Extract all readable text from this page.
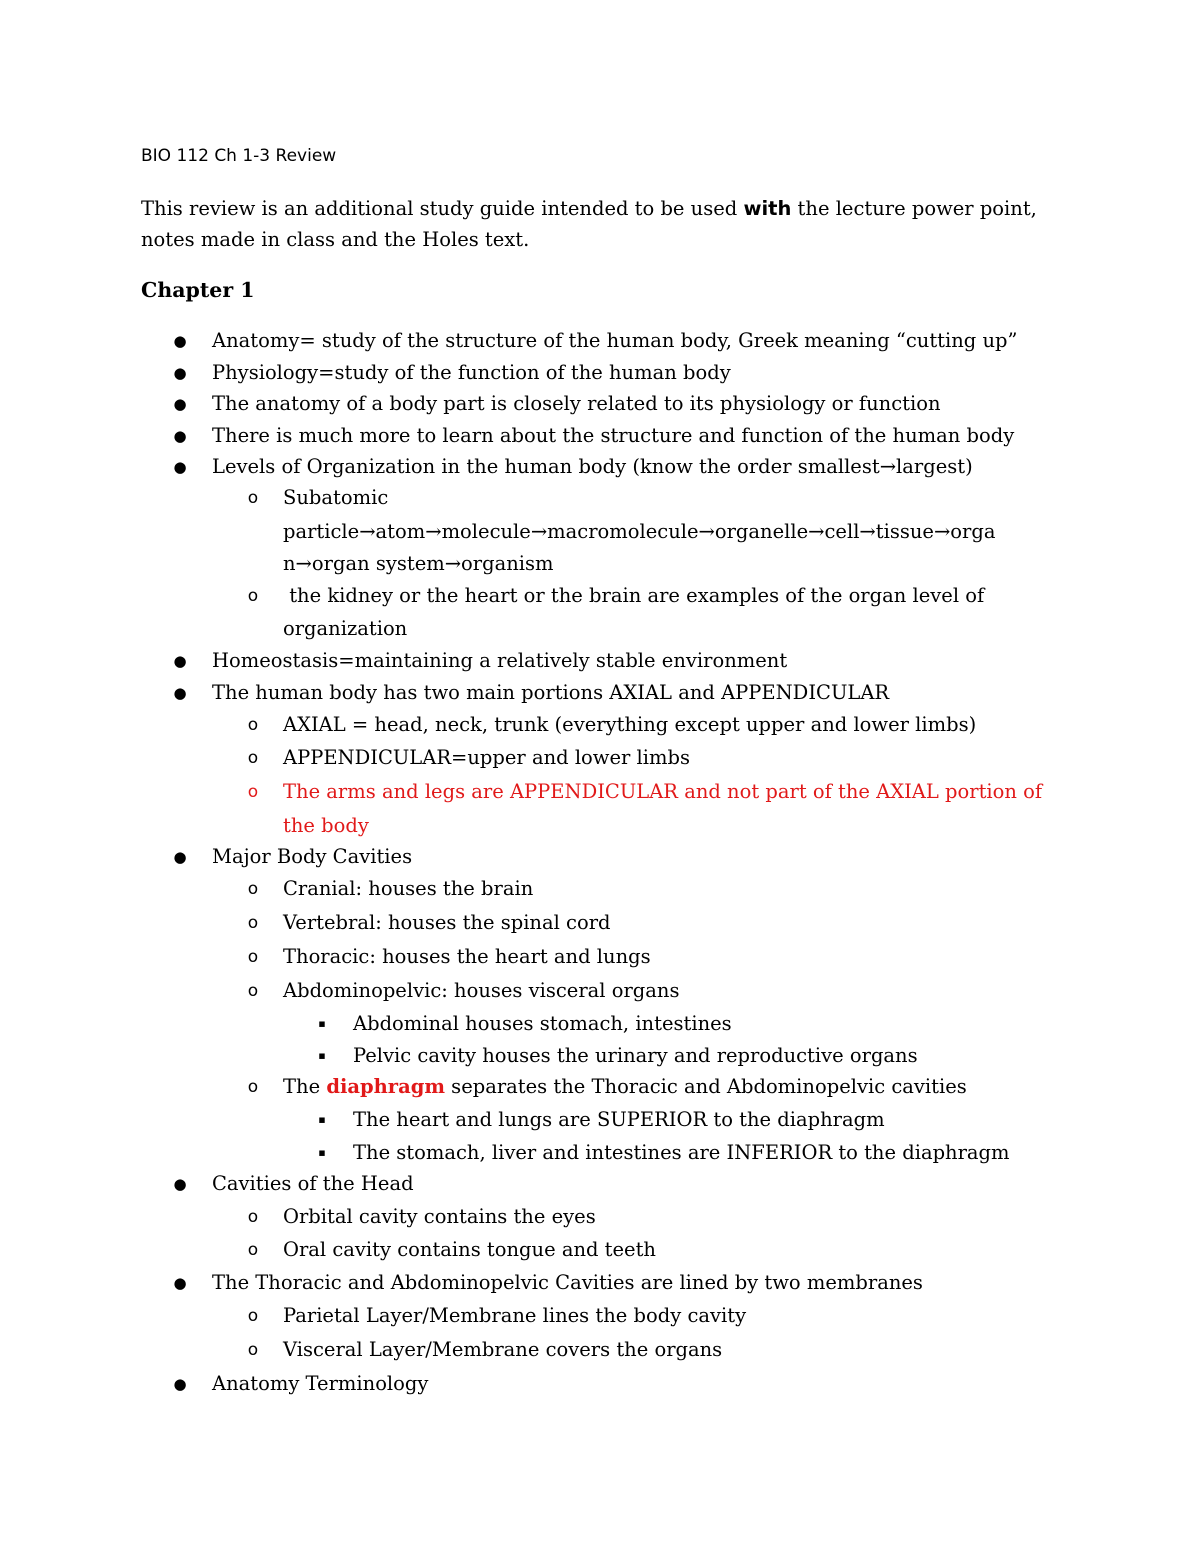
BIO 112 Ch 1-3 Review
This review is an additional study guide intended to be used with the lecture power point,
notes made in class and the Holes text.
Chapter 1
● Anatomy= study of the structure of the human body, Greek meaning “cutting up”
● Physiology=study of the function of the human body
● The anatomy of a body part is closely related to its physiology or function
● There is much more to learn about the structure and function of the human body
● Levels of Organization in the human body (know the order smallest→largest)
o	Subatomic
particle→atom→molecule→macromolecule→organelle→cell→tissue→orga
n→organ system→organism
o	the kidney or the heart or the brain are examples of the organ level of
organization
● Homeostasis=maintaining a relatively stable environment
● The human body has two main portions AXIAL and APPENDICULAR
o	AXIAL = head, neck, trunk (everything except upper and lower limbs)
o	APPENDICULAR=upper and lower limbs
o	The arms and legs are APPENDICULAR and not part of the AXIAL portion of
the body
● Major Body Cavities
o	Cranial: houses the brain
o	Vertebral: houses the spinal cord
o	Thoracic: houses the heart and lungs
o	Abdominopelvic: houses visceral organs
▪	Abdominal houses stomach, intestines
▪	Pelvic cavity houses the urinary and reproductive organs
o	The diaphragm separates the Thoracic and Abdominopelvic cavities
▪	The heart and lungs are SUPERIOR to the diaphragm
▪	The stomach, liver and intestines are INFERIOR to the diaphragm
● Cavities of the Head
o	Orbital cavity contains the eyes
o	Oral cavity contains tongue and teeth
● The Thoracic and Abdominopelvic Cavities are lined by two membranes
o	Parietal Layer/Membrane lines the body cavity
o	Visceral Layer/Membrane covers the organs
● Anatomy Terminology
